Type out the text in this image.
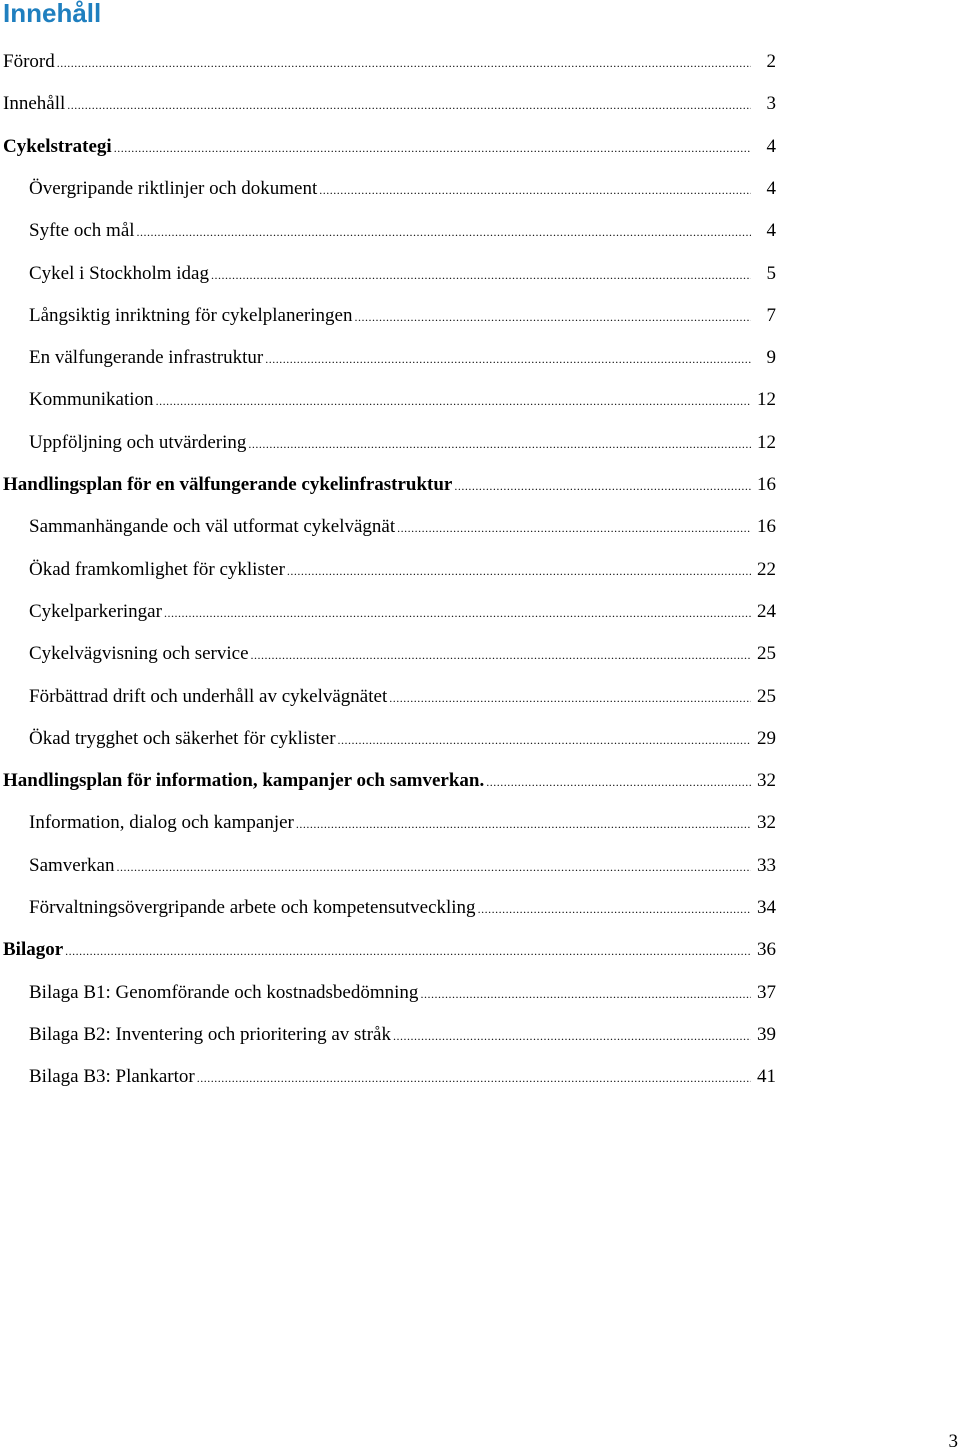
Innehåll
Förord .....	2
Innehåll .....	3
Cykelstrategi .....	4
Övergripande riktlinjer och dokument .....	4
Syfte och mål .....	4
Cykel i Stockholm idag .....	5
Långsiktig inriktning för cykelplaneringen .....	7
En välfungerande infrastruktur .....	9
Kommunikation .....	12
Uppföljning och utvärdering .....	12
Handlingsplan för en välfungerande cykelinfrastruktur .....	16
Sammanhängande och väl utformat cykelvägnät .....	16
Ökad framkomlighet för cyklister .....	22
Cykelparkeringar .....	24
Cykelvägvisning och service .....	25
Förbättrad drift och underhåll av cykelvägnätet .....	25
Ökad trygghet och säkerhet för cyklister .....	29
Handlingsplan för information, kampanjer och samverkan. .....	32
Information, dialog och kampanjer .....	32
Samverkan .....	33
Förvaltningsövergripande arbete och kompetensutveckling .....	34
Bilagor .....	36
Bilaga B1: Genomförande och kostnadsbedömning .....	37
Bilaga B2: Inventering och prioritering av stråk .....	39
Bilaga B3: Plankartor .....	41
3
